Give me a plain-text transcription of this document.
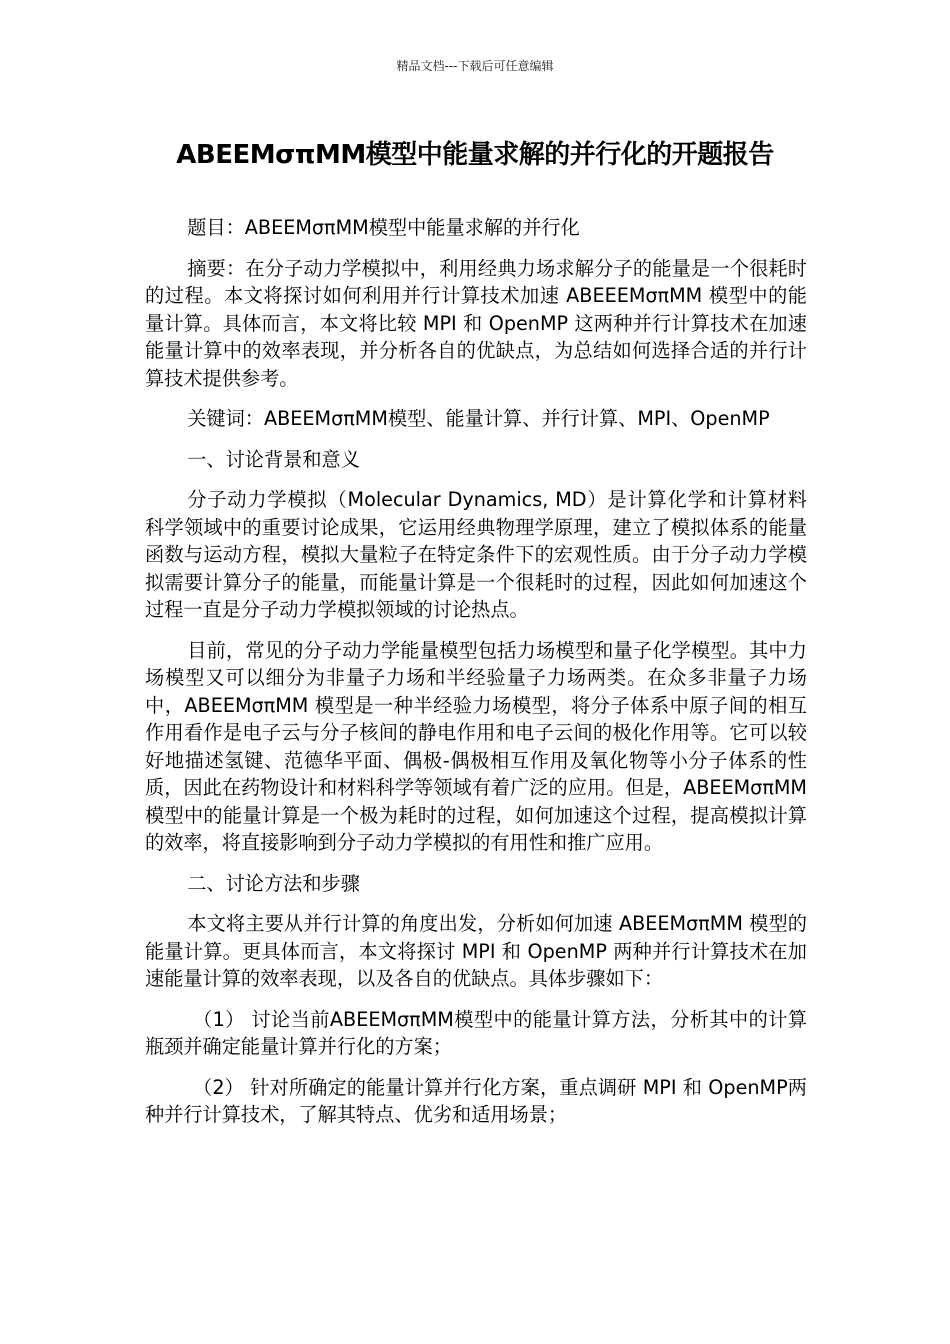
精品文档---下载后可任意编辑
ABEEMσπMM模型中能量求解的并行化的开题报告

题目：ABEEMσπMM模型中能量求解的并行化

摘要：在分子动力学模拟中，利用经典力场求解分子的能量是一个很耗时的过程。本文将探讨如何利用并行计算技术加速 ABEEEMσπMM 模型中的能量计算。具体而言，本文将比较 MPI 和 OpenMP 这两种并行计算技术在加速能量计算中的效率表现，并分析各自的优缺点，为总结如何选择合适的并行计算技术提供参考。

关键词：ABEEMσπMM模型、能量计算、并行计算、MPI、OpenMP

一、讨论背景和意义

分子动力学模拟（Molecular Dynamics, MD）是计算化学和计算材料科学领域中的重要讨论成果，它运用经典物理学原理，建立了模拟体系的能量函数与运动方程，模拟大量粒子在特定条件下的宏观性质。由于分子动力学模拟需要计算分子的能量，而能量计算是一个很耗时的过程，因此如何加速这个过程一直是分子动力学模拟领域的讨论热点。

目前，常见的分子动力学能量模型包括力场模型和量子化学模型。其中力场模型又可以细分为非量子力场和半经验量子力场两类。在众多非量子力场中，ABEEMσπMM 模型是一种半经验力场模型，将分子体系中原子间的相互作用看作是电子云与分子核间的静电作用和电子云间的极化作用等。它可以较好地描述氢键、范德华平面、偶极-偶极相互作用及氧化物等小分子体系的性质，因此在药物设计和材料科学等领域有着广泛的应用。但是，ABEEMσπMM 模型中的能量计算是一个极为耗时的过程，如何加速这个过程，提高模拟计算的效率，将直接影响到分子动力学模拟的有用性和推广应用。

二、讨论方法和步骤

本文将主要从并行计算的角度出发，分析如何加速 ABEEMσπMM 模型的能量计算。更具体而言，本文将探讨 MPI 和 OpenMP 两种并行计算技术在加速能量计算的效率表现，以及各自的优缺点。具体步骤如下：

（1） 讨论当前ABEEMσπMM模型中的能量计算方法，分析其中的计算瓶颈并确定能量计算并行化的方案；

（2） 针对所确定的能量计算并行化方案，重点调研 MPI 和 OpenMP两种并行计算技术，了解其特点、优劣和适用场景；
